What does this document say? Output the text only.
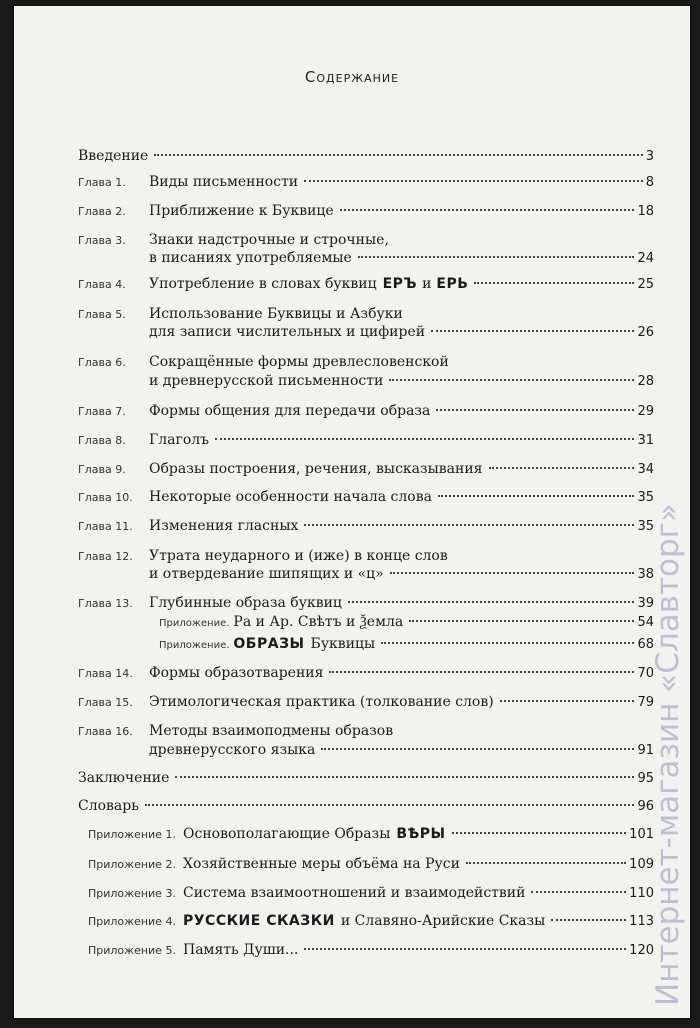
Содержание
Введение	3
Глава 1.	Виды письменности	8
Глава 2.	Приближение к Буквице	18
Глава 3.	Знаки надстрочные и строчные,
в писаниях употребляемые	24
Глава 4.	Употребление в словах буквиц ЕРЪ и ЕРЬ	25
Глава 5.	Использование Буквицы и Азбуки
для записи числительных и цифирей	26
Глава 6.	Сокращённые формы древлесловенской
и древнерусской письменности	28
Глава 7.	Формы общения для передачи образа	29
Глава 8.	Глаголъ	31
Глава 9.	Образы построения, речения, высказывания	34
Глава 10.	Некоторые особенности начала слова	35
Глава 11.	Изменения гласных	35
Глава 12.	Утрата неударного и (иже) в конце слов
и отвердевание шипящих и «ц»	38
Глава 13.	Глубинные образа буквиц	39
Приложение. Ра и Ар. Свѣтъ и Ѯемла	54
Приложение. ОБРАЗЫ Буквицы	68
Глава 14.	Формы образотварения	70
Глава 15.	Этимологическая практика (толкование слов)	79
Глава 16.	Методы взаимоподмены образов
древнерусского языка	91
Заключение	95
Словарь	96
Приложение 1. Основополагающие Образы ВѢРЫ	101
Приложение 2. Хозяйственные меры объёма на Руси	109
Приложение 3. Система взаимоотношений и взаимодействий	110
Приложение 4. РУССКИЕ СКАЗКИ и Славяно-Арийские Сказы	113
Приложение 5. Память Души...	120
Интернет-магазин «Славторг»
